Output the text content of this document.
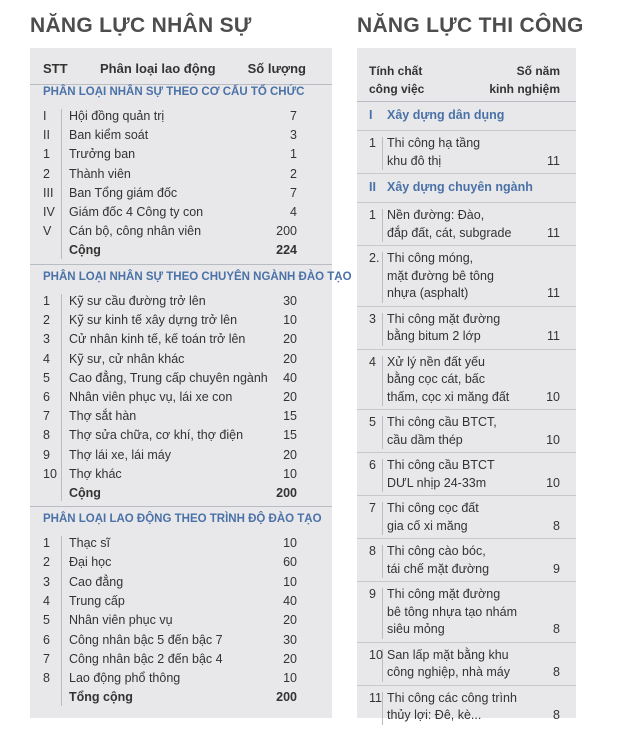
NĂNG LỰC NHÂN SỰ	NĂNG LỰC THI CÔNG
STT Phân loại lao động Số lượng
PHÂN LOẠI NHÂN SỰ THEO CƠ CẤU TỔ CHỨC
I Hội đồng quản trị	7
II Ban kiểm soát	3
1 Trưởng ban	1
2 Thành viên	2
III Ban Tổng giám đốc	7
IV Giám đốc 4 Công ty con	4
V Cán bộ, công nhân viên	200
Cộng	224
PHÂN LOẠI NHÂN SỰ THEO CHUYÊN NGÀNH ĐÀO TẠO
1 Kỹ sư cầu đường trở lên	30
2 Kỹ sư kinh tế xây dựng trở lên	10
3 Cử nhân kinh tế, kế toán trở lên	20
4 Kỹ sư, cử nhân khác	20
5 Cao đẳng, Trung cấp chuyên ngành 40
6 Nhân viên phục vụ, lái xe con	20
7 Thợ sắt hàn	15
8 Thợ sửa chữa, cơ khí, thợ điện	15
9 Thợ lái xe, lái máy	20
10 Thợ khác	10
Cộng	200
PHÂN LOẠI LAO ĐỘNG THEO TRÌNH ĐỘ ĐÀO TẠO
1 Thạc sĩ	10
2 Đại học	60
3 Cao đẳng	10
4 Trung cấp	40
5 Nhân viên phục vụ	20
6 Công nhân bậc 5 đến bậc 7	30
7 Công nhân bậc 2 đến bậc 4	20
8 Lao động phổ thông	10
Tổng cộng	200
Tính chất
công việc
Số năm
kinh nghiệm
I Xây dựng dân dụng
1 Thi công hạ tầng
khu đô thị	11
II Xây dựng chuyên ngành
1 Nền đường: Đào,
đắp đất, cát, subgrade	11
2. Thi công móng,
mặt đường bê tông
nhựa (asphalt)	11
3 Thi công mặt đường
bằng bitum 2 lớp	11
4 Xử lý nền đất yếu
bằng cọc cát, bấc
thấm, cọc xi măng đất	10
5 Thi công cầu BTCT,
cầu dầm thép	10
6 Thi công cầu BTCT
DƯL nhịp 24-33m	10
7 Thi công cọc đất
gia cố xi măng	8
8 Thi công cào bóc,
tái chế mặt đường	9
9 Thi công mặt đường
bê tông nhựa tạo nhám
siêu mỏng	8
10 San lấp mặt bằng khu
công nghiệp, nhà máy	8
11 Thi công các công trình
thủy lợi: Đê, kè...	8
